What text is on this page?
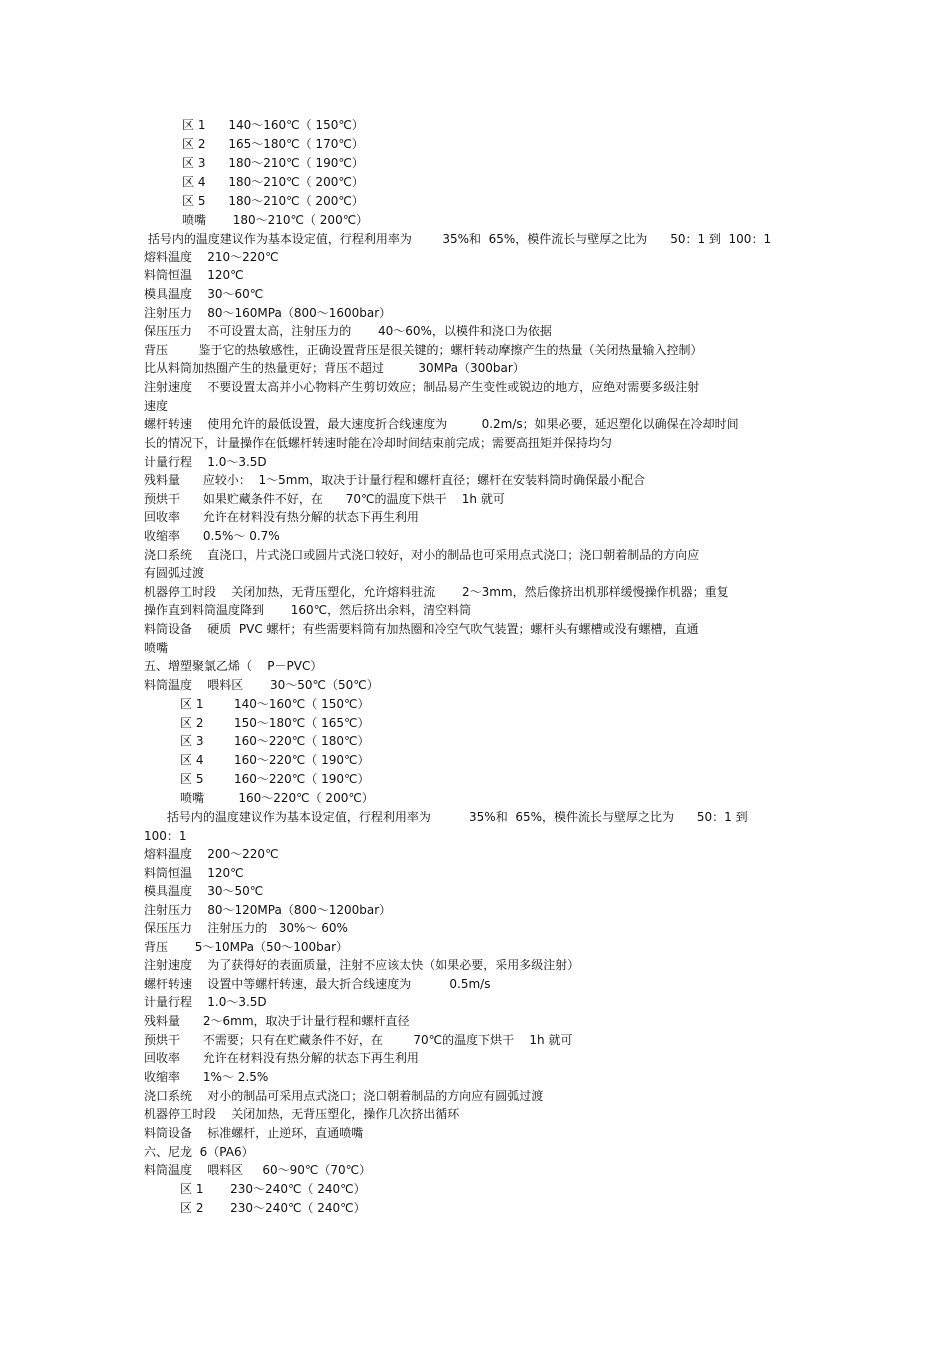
区 1      140～160℃（ 150℃）
区 2      165～180℃（ 170℃）
区 3      180～210℃（ 190℃）
区 4      180～210℃（ 200℃）
区 5      180～210℃（ 200℃）
喷嘴       180～210℃（ 200℃）
括号内的温度建议作为基本设定值，行程利用率为        35%和  65%，模件流长与壁厚之比为      50：1 到  100：1
熔料温度    210～220℃
料筒恒温    120℃
模具温度    30～60℃
注射压力    80～160MPa（800～1600bar）
保压压力    不可设置太高，注射压力的       40～60%，以模件和浇口为依据
背压        鉴于它的热敏感性，正确设置背压是很关键的；螺杆转动摩擦产生的热量（关闭热量输入控制）
比从料筒加热圈产生的热量更好；背压不超过         30MPa（300bar）
注射速度    不要设置太高并小心物料产生剪切效应；制品易产生变性或锐边的地方，应绝对需要多级注射
速度
螺杆转速    使用允许的最低设置，最大速度折合线速度为         0.2m/s；如果必要，延迟塑化以确保在冷却时间
长的情况下，计量操作在低螺杆转速时能在冷却时间结束前完成；需要高扭矩并保持均匀
计量行程    1.0～3.5D
残料量      应较小：  1～5mm，取决于计量行程和螺杆直径；螺杆在安装料筒时确保最小配合
预烘干      如果贮藏条件不好，在      70℃的温度下烘干    1h 就可
回收率      允许在材料没有热分解的状态下再生利用
收缩率      0.5%～ 0.7%
浇口系统    直浇口，片式浇口或圆片式浇口较好，对小的制品也可采用点式浇口；浇口朝着制品的方向应
有圆弧过渡
机器停工时段    关闭加热，无背压塑化，允许熔料驻流       2～3mm，然后像挤出机那样缓慢操作机器；重复
操作直到料筒温度降到       160℃，然后挤出余料，清空料筒
料筒设备    硬质  PVC 螺杆；有些需要料筒有加热圈和冷空气吹气装置；螺杆头有螺槽或没有螺槽，直通
喷嘴
五、增塑聚氯乙烯（    P－PVC）
料筒温度    喂料区       30～50℃（50℃）
区 1        140～160℃（ 150℃）
区 2        150～180℃（ 165℃）
区 3        160～220℃（ 180℃）
区 4        160～220℃（ 190℃）
区 5        160～220℃（ 190℃）
喷嘴         160～220℃（ 200℃）
括号内的温度建议作为基本设定值，行程利用率为          35%和  65%，模件流长与壁厚之比为      50：1 到
100：1
熔料温度    200～220℃
料筒恒温    120℃
模具温度    30～50℃
注射压力    80～120MPa（800～1200bar）
保压压力    注射压力的   30%～ 60%
背压       5～10MPa（50～100bar）
注射速度    为了获得好的表面质量，注射不应该太快（如果必要，采用多级注射）
螺杆转速    设置中等螺杆转速，最大折合线速度为          0.5m/s
计量行程    1.0～3.5D
残料量      2～6mm，取决于计量行程和螺杆直径
预烘干      不需要；只有在贮藏条件不好，在        70℃的温度下烘干    1h 就可
回收率      允许在材料没有热分解的状态下再生利用
收缩率      1%～ 2.5%
浇口系统    对小的制品可采用点式浇口；浇口朝着制品的方向应有圆弧过渡
机器停工时段    关闭加热，无背压塑化，操作几次挤出循环
料筒设备    标准螺杆，止逆环，直通喷嘴
六、尼龙  6（PA6）
料筒温度    喂料区     60～90℃（70℃）
区 1       230～240℃（ 240℃）
区 2       230～240℃（ 240℃）
